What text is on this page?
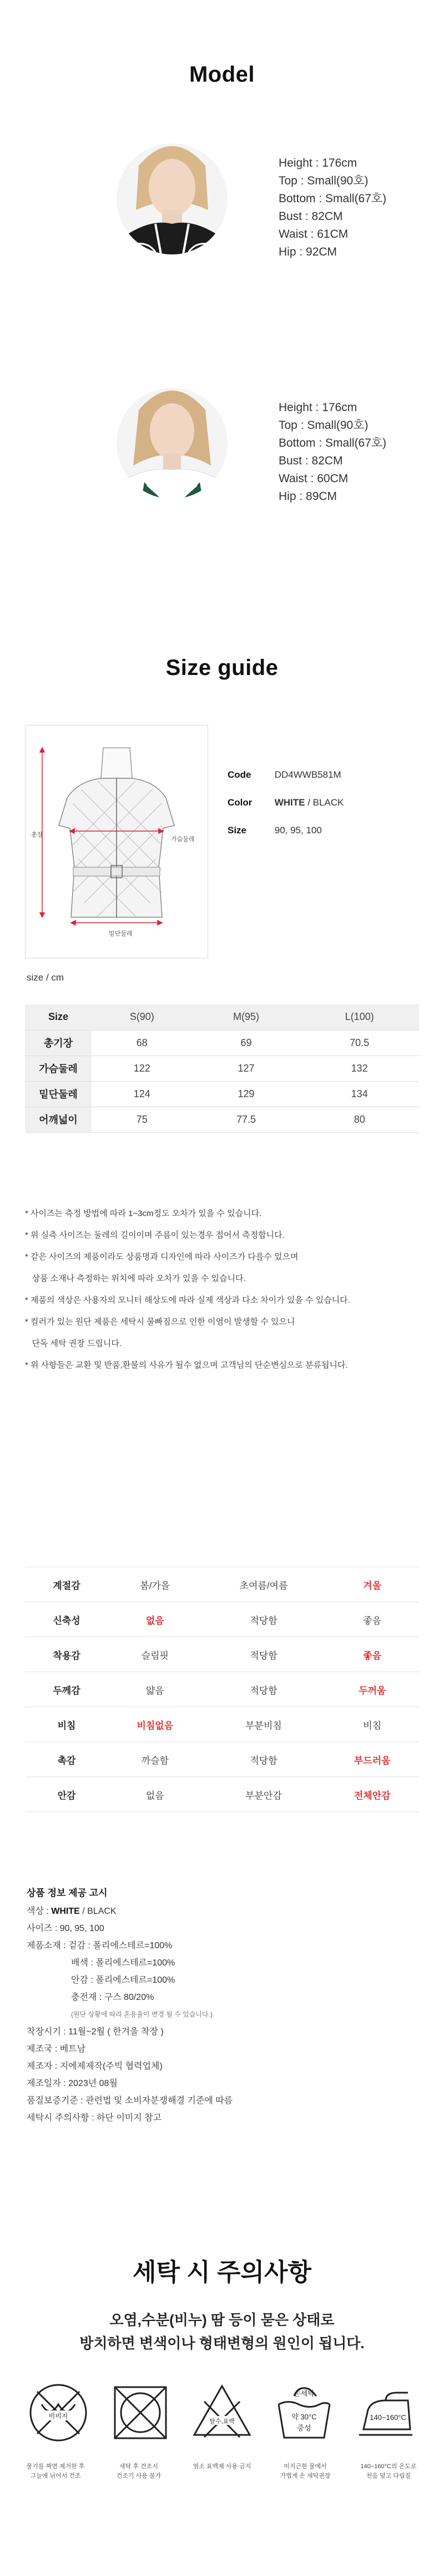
Model
Height : 176cm
Top : Small(90호)
Bottom : Small(67호)
Bust : 82CM
Waist : 61CM
Hip : 92CM
Height : 176cm
Top : Small(90호)
Bottom : Small(67호)
Bust : 82CM
Waist : 60CM
Hip : 89CM
Size guide
총장
가슴둘레
밑단둘레
Code DD4WWB581M
Color WHITE / BLACK
Size	90, 95, 100
size / cm
Size	S(90)	M(95)	L(100)
총기장	68	69	70.5
가슴둘레	122	127	132
밑단둘레	124	129	134
어깨넓이	75	77.5	80
* 사이즈는 측정 방법에 따라 1~3cm정도 오차가 있을 수 있습니다.
* 위 실측 사이즈는 둘레의 길이이며 주름이 있는경우 접어서 측정합니다.
* 같은 사이즈의 제품이라도 상품명과 디자인에 따라 사이즈가 다를수 있으며
상품 소재나 측정하는 위치에 따라 오차가 있을 수 있습니다.
* 제품의 색상은 사용자의 모니터 해상도에 따라 실제 색상과 다소 차이가 있을 수 있습니다.
* 컬러가 있는 원단 제품은 세탁시 물빠짐으로 인한 이염이 발생할 수 있으니
단독 세탁 권장 드립니다.
* 위 사항들은 교환 및 반품,환불의 사유가 될수 없으며 고객님의 단순변심으로 분류됩니다.
계절감	봄/가을	초여름/여름	겨울
신축성	없음	적당함	좋음
착용감	슬림핏	적당함	좋음
두께감	얇음	적당함	두꺼움
비침	비침없음	부분비침	비침
촉감	까슬함	적당함	부드러움
안감	없음	부분안감	전체안감
상품 정보 제공 고시
색상 : WHITE / BLACK
사이즈 : 90, 95, 100
제품소재 : 겉감 : 폴리에스테르=100%
배색 : 폴리에스테르=100%
안감 : 폴리에스테르=100%
충전재 : 구스 80/20%
(원단 상황에 따라 혼용율이 변경 될 수 있습니다.)
착장시기 : 11월~2월 ( 한겨울 착장 )
제조국 : 베트남
제조자 : 지에제제작(주빅 협력업체)
제조일자 : 2023년 08월
품질보증기준 : 관련법 및 소비자분쟁해결 기준에 따름
세탁시 주의사항 : 하단 이미지 참고
세탁 시 주의사항
오염,수분(비누) 땀 등이 묻은 상태로
방치하면 변색이나 형태변형의 원인이 됩니다.
비비지
탈수,표백
손세탁
약 30°C
중성
140~160°C
물기를 짜면 제거한 후
그늘에 뉘어서 건조
세탁 후 건조시
건조기 사용 불가
염소 표백제 사용 금지	미지근한 물에서
가볍게 손 세탁권장
140~160°C의 온도로
천을 덮고 다림질
